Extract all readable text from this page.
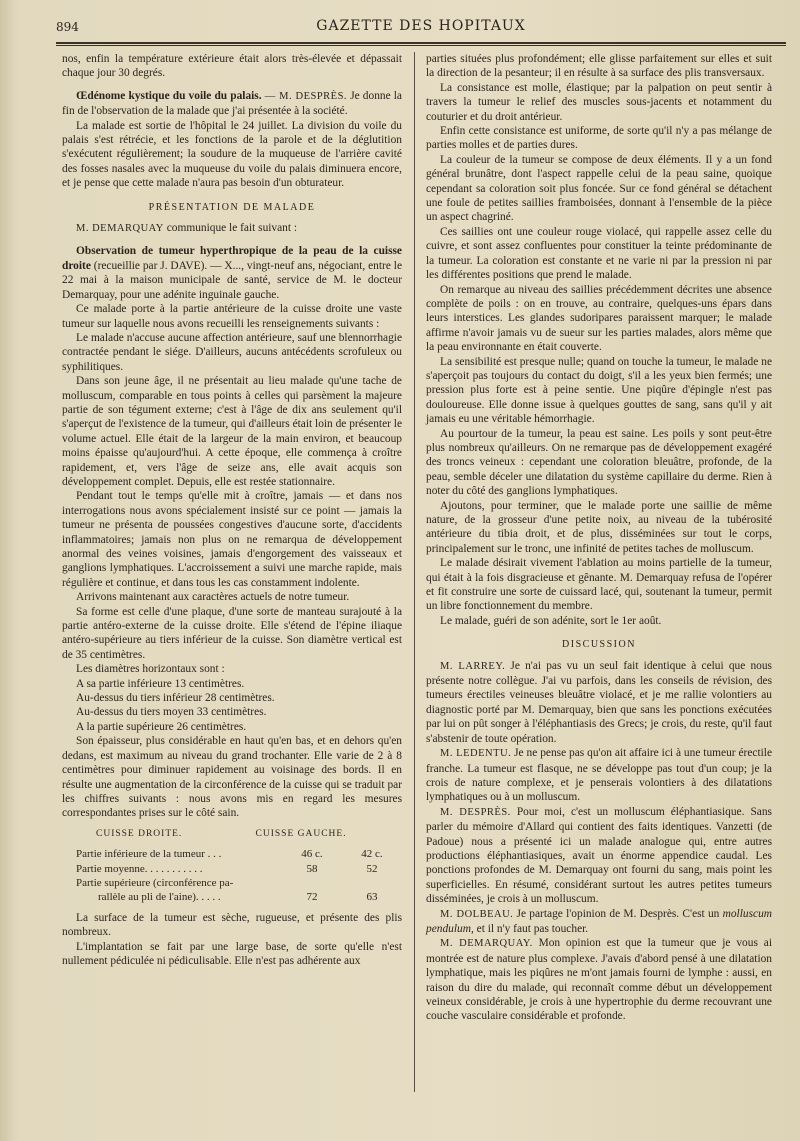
894	GAZETTE DES HOPITAUX

nos, enfin la température extérieure était alors très-élevée et dépassait chaque jour 30 degrés.

Œdénome kystique du voile du palais. — M. DESPRÈS. Je donne la fin de l'observation de la malade que j'ai présentée à la société.

La malade est sortie de l'hôpital le 24 juillet. La division du voile du palais s'est rétrécie, et les fonctions de la parole et de la déglutition s'exécutent régulièrement; la soudure de la muqueuse de l'arrière cavité des fosses nasales avec la muqueuse du voile du palais diminuera encore, et je pense que cette malade n'aura pas besoin d'un obturateur.

PRÉSENTATION DE MALADE

M. DEMARQUAY communique le fait suivant :

Observation de tumeur hyperthropique de la peau de la cuisse droite (recueillie par J. DAVE). — X..., vingt-neuf ans, négociant, entre le 22 mai à la maison municipale de santé, service de M. le docteur Demarquay, pour une adénite inguinale gauche.

Ce malade porte à la partie antérieure de la cuisse droite une vaste tumeur sur laquelle nous avons recueilli les renseignements suivants :

Le malade n'accuse aucune affection antérieure, sauf une blennorrhagie contractée pendant le siége. D'ailleurs, aucuns antécédents scrofuleux ou syphilitiques.

Dans son jeune âge, il ne présentait au lieu malade qu'une tache de molluscum, comparable en tous points à celles qui parsèment la majeure partie de son tégument externe; c'est à l'âge de dix ans seulement qu'il s'aperçut de l'existence de la tumeur, qui d'ailleurs était loin de présenter le volume actuel. Elle était de la largeur de la main environ, et beaucoup moins épaisse qu'aujourd'hui. A cette époque, elle commença à croître rapidement, et, vers l'âge de seize ans, elle avait acquis son développement complet. Depuis, elle est restée stationnaire.

Pendant tout le temps qu'elle mit à croître, jamais — et dans nos interrogations nous avons spécialement insisté sur ce point — jamais la tumeur ne présenta de poussées congestives d'aucune sorte, d'accidents inflammatoires; jamais non plus on ne remarqua de développement anormal des veines voisines, jamais d'engorgement des vaisseaux et ganglions lymphatiques. L'accroissement a suivi une marche rapide, mais régulière et continue, et dans tous les cas constamment indolente.

Arrivons maintenant aux caractères actuels de notre tumeur.

Sa forme est celle d'une plaque, d'une sorte de manteau surajouté à la partie antéro-externe de la cuisse droite. Elle s'étend de l'épine iliaque antéro-supérieure au tiers inférieur de la cuisse. Son diamètre vertical est de 35 centimètres.

Les diamètres horizontaux sont :

A sa partie inférieure 13 centimètres.

Au-dessus du tiers inférieur 28 centimètres.

Au-dessus du tiers moyen 33 centimètres.

A la partie supérieure 26 centimètres.

Son épaisseur, plus considérable en haut qu'en bas, et en dehors qu'en dedans, est maximum au niveau du grand trochanter. Elle varie de 2 à 8 centimètres pour diminuer rapidement au voisinage des bords. Il en résulte une augmentation de la circonférence de la cuisse qui se traduit par les chiffres suivants : nous avons mis en regard les mesures correspondantes prises sur le côté sain.

CUISSE DROITE.	CUISSE GAUCHE.
Partie inférieure de la tumeur . . .	46 c.	42 c.
Partie moyenne. . . . . . . . . . .	58	52
Partie supérieure (circonférence pa-		
rallèle au pli de l'aine). . . . .	72	63

La surface de la tumeur est sèche, rugueuse, et présente des plis nombreux.

L'implantation se fait par une large base, de sorte qu'elle n'est nullement pédiculée ni pédiculisable. Elle n'est pas adhérente aux

parties situées plus profondément; elle glisse parfaitement sur elles et suit la direction de la pesanteur; il en résulte à sa surface des plis transversaux.

La consistance est molle, élastique; par la palpation on peut sentir à travers la tumeur le relief des muscles sous-jacents et notamment du couturier et du droit antérieur.

Enfin cette consistance est uniforme, de sorte qu'il n'y a pas mélange de parties molles et de parties dures.

La couleur de la tumeur se compose de deux éléments. Il y a un fond général brunâtre, dont l'aspect rappelle celui de la peau saine, quoique cependant sa coloration soit plus foncée. Sur ce fond général se détachent une foule de petites saillies framboisées, donnant à l'ensemble de la pièce un aspect chagriné.

Ces saillies ont une couleur rouge violacé, qui rappelle assez celle du cuivre, et sont assez confluentes pour constituer la teinte prédominante de la tumeur. La coloration est constante et ne varie ni par la pression ni par les différentes positions que prend le malade.

On remarque au niveau des saillies précédemment décrites une absence complète de poils : on en trouve, au contraire, quelques-uns épars dans leurs interstices. Les glandes sudoripares paraissent marquer; le malade affirme n'avoir jamais vu de sueur sur les parties malades, alors même que la peau environnante en était couverte.

La sensibilité est presque nulle; quand on touche la tumeur, le malade ne s'aperçoit pas toujours du contact du doigt, s'il a les yeux bien fermés; une pression plus forte est à peine sentie. Une piqûre d'épingle n'est pas douloureuse. Elle donne issue à quelques gouttes de sang, sans qu'il y ait jamais eu une véritable hémorrhagie.

Au pourtour de la tumeur, la peau est saine. Les poils y sont peut-être plus nombreux qu'ailleurs. On ne remarque pas de développement exagéré des troncs veineux : cependant une coloration bleuâtre, profonde, de la peau, semble déceler une dilatation du système capillaire du derme. Rien à noter du côté des ganglions lymphatiques.

Ajoutons, pour terminer, que le malade porte une saillie de même nature, de la grosseur d'une petite noix, au niveau de la tubérosité antérieure du tibia droit, et de plus, disséminées sur tout le corps, principalement sur le tronc, une infinité de petites taches de molluscum.

Le malade désirait vivement l'ablation au moins partielle de la tumeur, qui était à la fois disgracieuse et gênante. M. Demarquay refusa de l'opérer et fit construire une sorte de cuissard lacé, qui, soutenant la tumeur, permit un libre fonctionnement du membre.

Le malade, guéri de son adénite, sort le 1er août.

DISCUSSION

M. LARREY. Je n'ai pas vu un seul fait identique à celui que nous présente notre collègue. J'ai vu parfois, dans les conseils de révision, des tumeurs érectiles veineuses bleuâtre violacé, et je me rallie volontiers au diagnostic porté par M. Demarquay, bien que sans les ponctions exécutées par lui on pût songer à l'éléphantiasis des Grecs; je crois, du reste, qu'il faut s'abstenir de toute opération.

M. LEDENTU. Je ne pense pas qu'on ait affaire ici à une tumeur érectile franche. La tumeur est flasque, ne se développe pas tout d'un coup; je la crois de nature complexe, et je penserais volontiers à des dilatations lymphatiques ou à un molluscum.

M. DESPRÈS. Pour moi, c'est un molluscum éléphantiasique. Sans parler du mémoire d'Allard qui contient des faits identiques. Vanzetti (de Padoue) nous a présenté ici un malade analogue qui, entre autres productions éléphantiasiques, avait un énorme appendice caudal. Les ponctions profondes de M. Demarquay ont fourni du sang, mais point les superficielles. En résumé, considérant surtout les autres petites tumeurs disséminées, je crois à un molluscum.

M. DOLBEAU. Je partage l'opinion de M. Desprès. C'est un molluscum pendulum, et il n'y faut pas toucher.

M. DEMARQUAY. Mon opinion est que la tumeur que je vous ai montrée est de nature plus complexe. J'avais d'abord pensé à une dilatation lymphatique, mais les piqûres ne m'ont jamais fourni de lymphe : aussi, en raison du dire du malade, qui reconnaît comme début un développement veineux considérable, je crois à une hypertrophie du derme recouvrant une couche vasculaire considérable et profonde.
